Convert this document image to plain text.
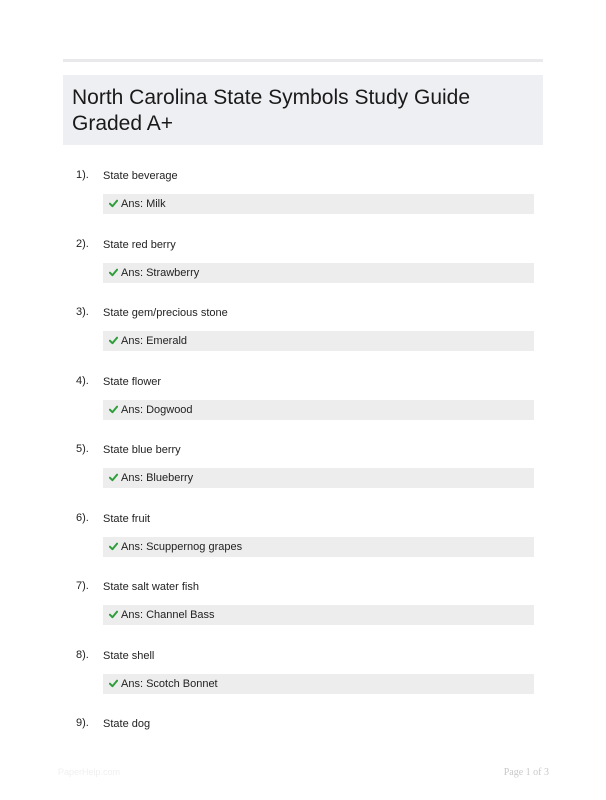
North Carolina State Symbols Study Guide Graded A+
1). State beverage
Ans: Milk
2). State red berry
Ans: Strawberry
3). State gem/precious stone
Ans: Emerald
4). State flower
Ans: Dogwood
5). State blue berry
Ans: Blueberry
6). State fruit
Ans: Scuppernog grapes
7). State salt water fish
Ans: Channel Bass
8). State shell
Ans: Scotch Bonnet
9). State dog
PaperHelp.com	Page 1 of 3
